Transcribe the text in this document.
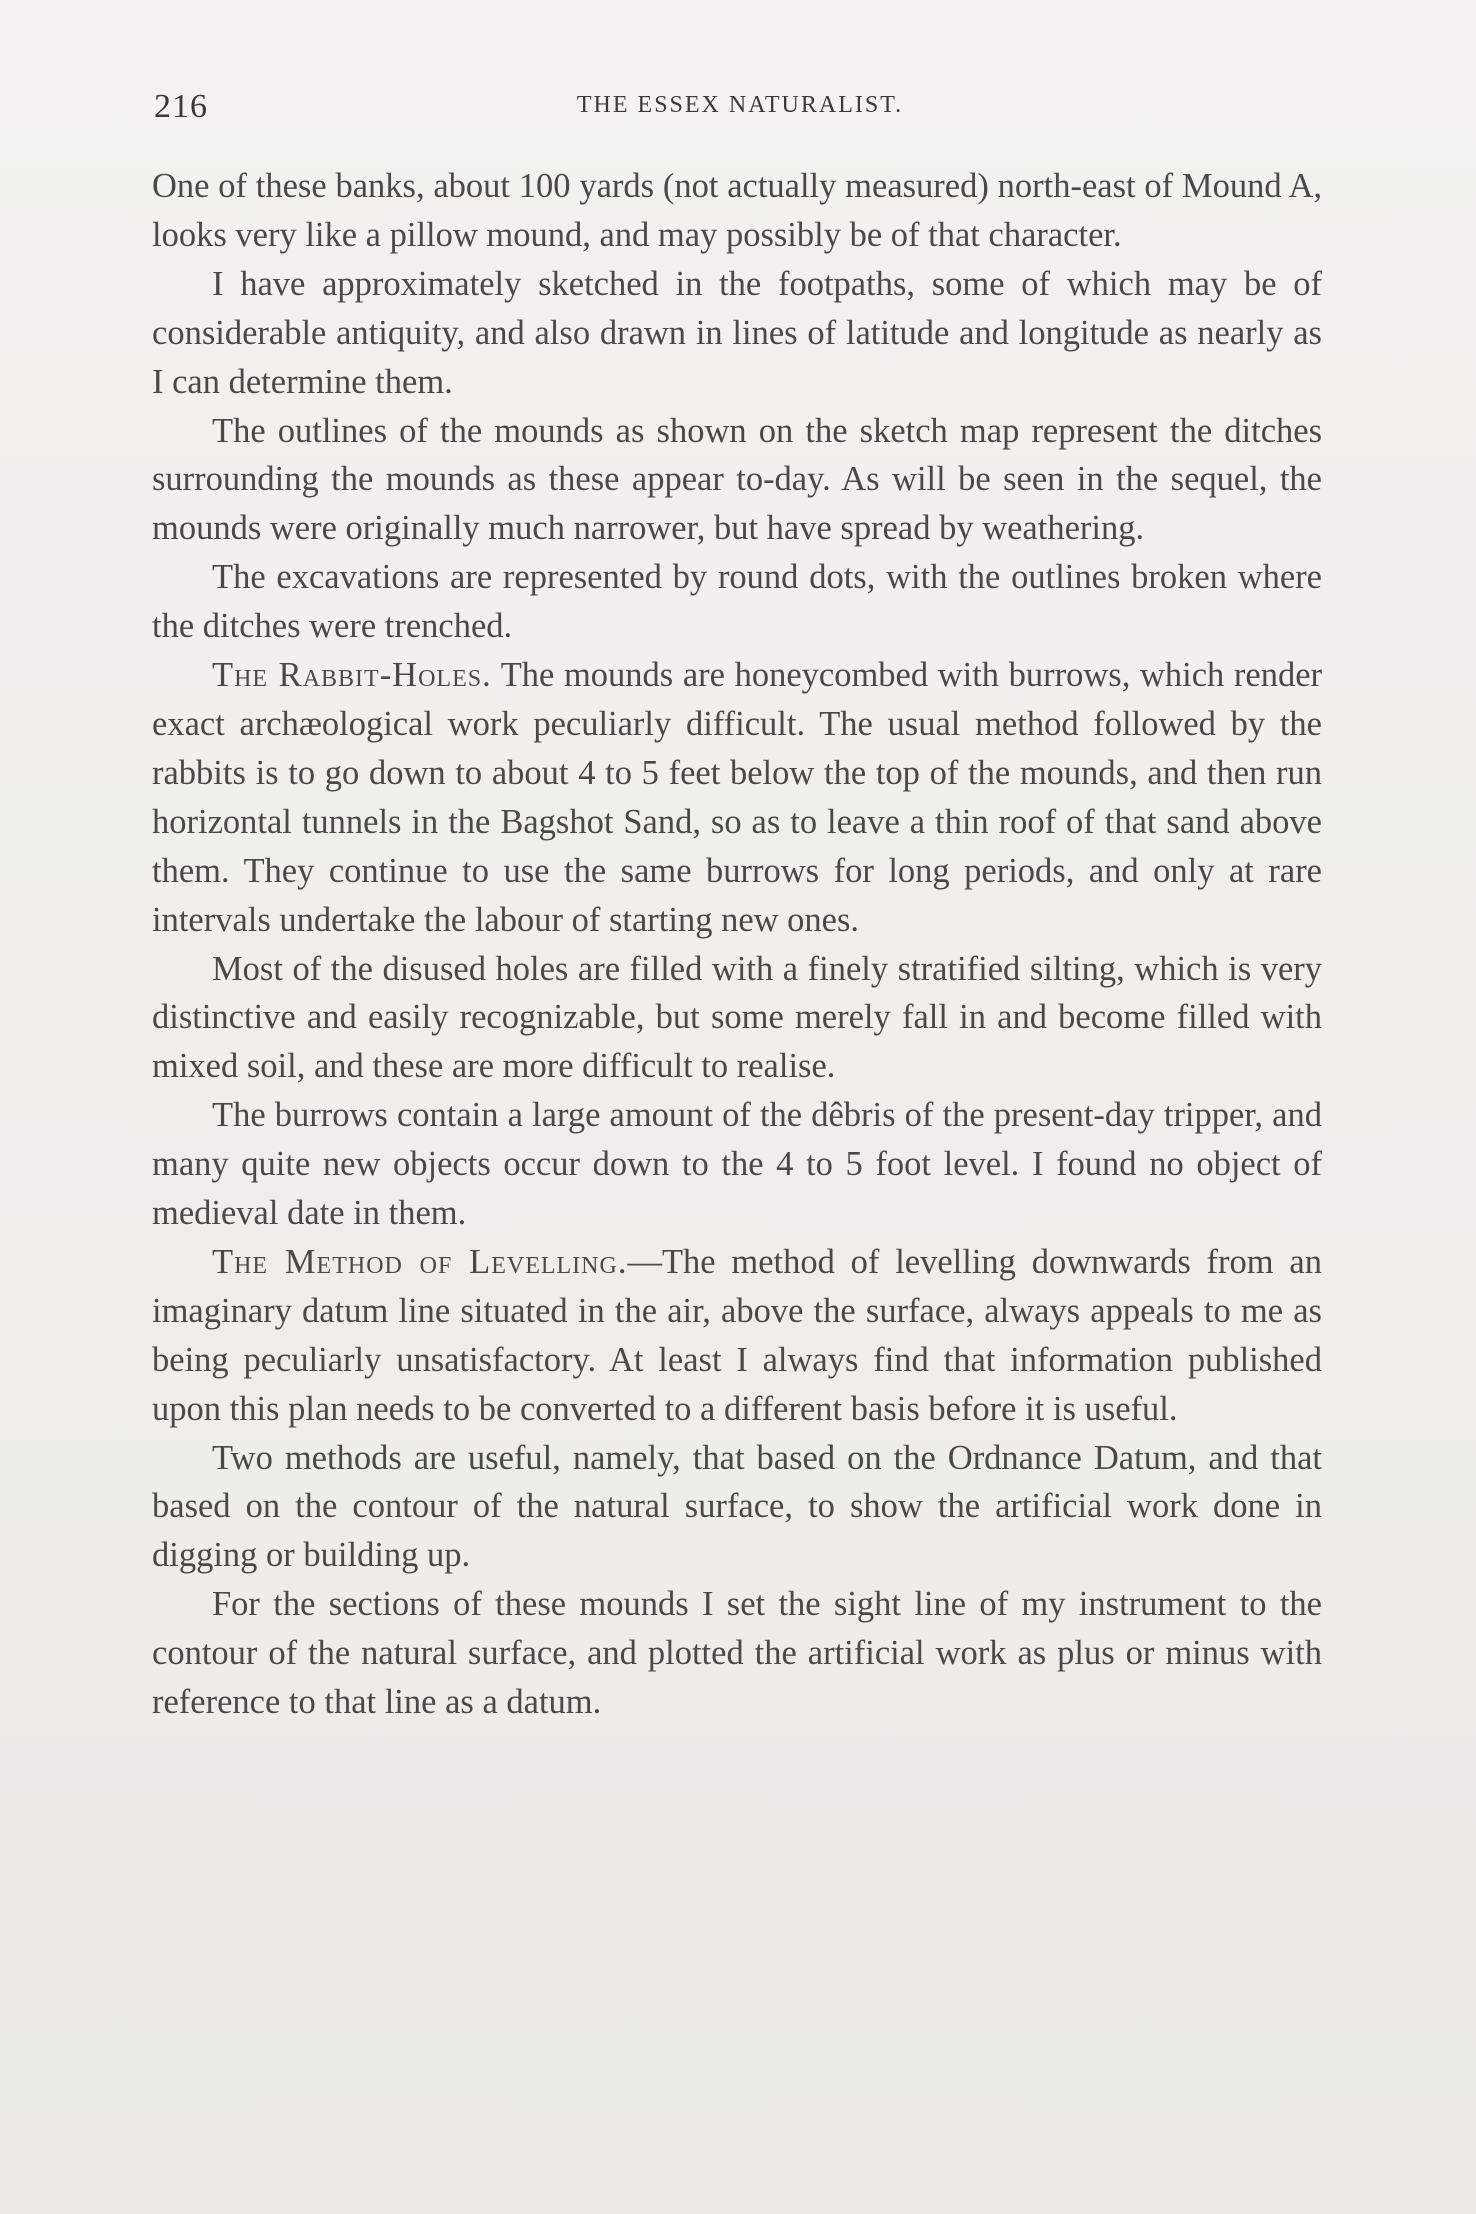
216	THE ESSEX NATURALIST.

One of these banks, about 100 yards (not actually measured) north-east of Mound A, looks very like a pillow mound, and may possibly be of that character.

I have approximately sketched in the footpaths, some of which may be of considerable antiquity, and also drawn in lines of latitude and longitude as nearly as I can determine them.

The outlines of the mounds as shown on the sketch map represent the ditches surrounding the mounds as these appear to-day. As will be seen in the sequel, the mounds were originally much narrower, but have spread by weathering.

The excavations are represented by round dots, with the outlines broken where the ditches were trenched.

The Rabbit-Holes. The mounds are honeycombed with burrows, which render exact archæological work peculiarly difficult. The usual method followed by the rabbits is to go down to about 4 to 5 feet below the top of the mounds, and then run horizontal tunnels in the Bagshot Sand, so as to leave a thin roof of that sand above them. They continue to use the same burrows for long periods, and only at rare intervals undertake the labour of starting new ones.

Most of the disused holes are filled with a finely stratified silting, which is very distinctive and easily recognizable, but some merely fall in and become filled with mixed soil, and these are more difficult to realise.

The burrows contain a large amount of the dêbris of the present-day tripper, and many quite new objects occur down to the 4 to 5 foot level. I found no object of medieval date in them.

The Method of Levelling.—The method of levelling downwards from an imaginary datum line situated in the air, above the surface, always appeals to me as being peculiarly unsatisfactory. At least I always find that information published upon this plan needs to be converted to a different basis before it is useful.

Two methods are useful, namely, that based on the Ordnance Datum, and that based on the contour of the natural surface, to show the artificial work done in digging or building up.

For the sections of these mounds I set the sight line of my instrument to the contour of the natural surface, and plotted the artificial work as plus or minus with reference to that line as a datum.
